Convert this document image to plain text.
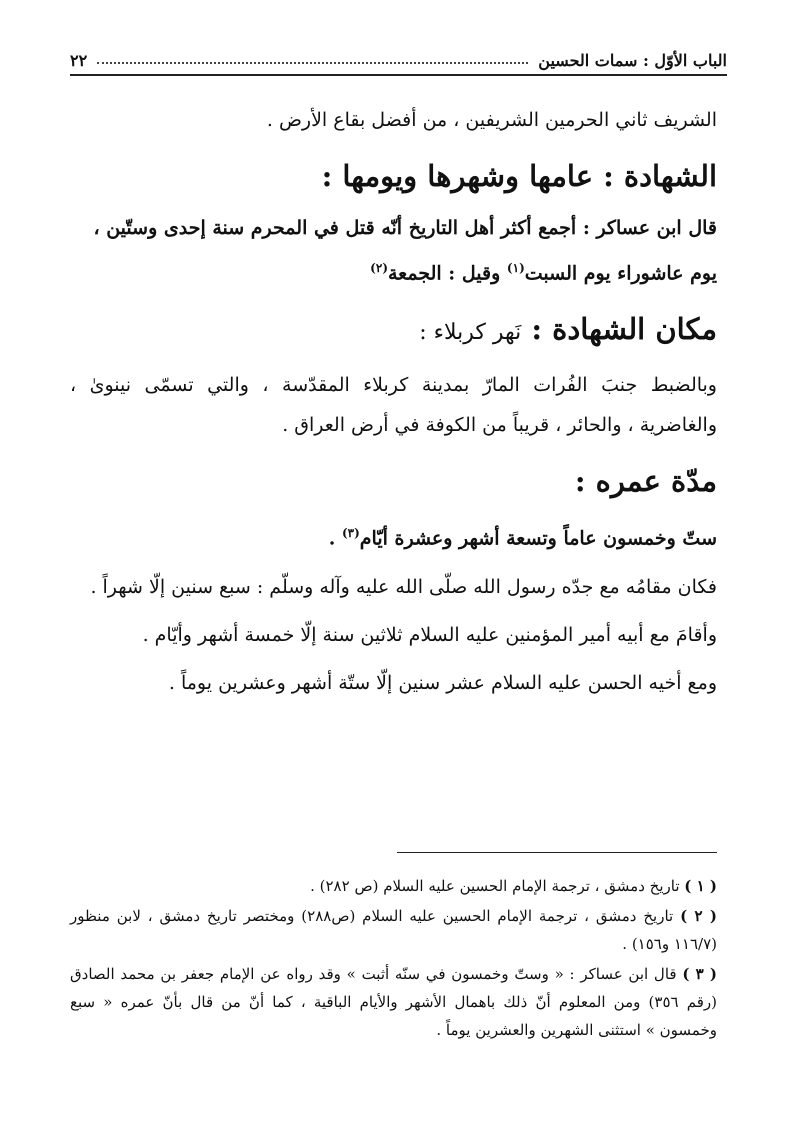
الباب الأوّل : سمات الحسين
٢٢

الشريف ثاني الحرمين الشريفين ، من أفضل بقاع الأرض .

الشهادة : عامها وشهرها ويومها :

قال ابن عساكر : أجمع أكثر أهل التاريخ أنّه قتل في المحرم سنة إحدى وستّين ،
يوم عاشوراء يوم السبت$^{(١)}$ وقيل : الجمعة$^{(٢)}$

مكان الشهادة : نَهر كربلاء :

وبالضبط جنبَ الفُرات المارّ بمدينة كربلاء المقدّسة ، والتي تسمّى نينوىٰ ، والغاضرية ، والحائر ، قريباً من الكوفة في أرض العراق .

مدّة عمره :

ستّ وخمسون عاماً وتسعة أشهر وعشرة أيّام$^{(٣)}$ .

فكان مقامُه مع جدّه رسول الله صلّى الله عليه وآله وسلّم : سبع سنين إلّا شهراً .

وأقامَ مع أبيه أمير المؤمنين عليه السلام ثلاثين سنة إلّا خمسة أشهر وأيّام .

ومع أخيه الحسن عليه السلام عشر سنين إلّا ستّة أشهر وعشرين يوماً .

( ١ ) تاريخ دمشق ، ترجمة الإمام الحسين عليه السلام (ص ٢٨٢) .

( ٢ ) تاريخ دمشق ، ترجمة الإمام الحسين عليه السلام (ص٢٨٨) ومختصر تاريخ دمشق ، لابن منظور (١١٦/٧ و١٥٦) .

( ٣ ) قال ابن عساكر : « وستّ وخمسون في سنّه أثبت » وقد رواه عن الإمام جعفر بن محمد الصادق (رقم ٣٥٦) ومن المعلوم أنّ ذلك باهمال الأشهر والأيام الباقية ، كما أنّ من قال بأنّ عمره « سبع وخمسون » استثنى الشهرين والعشرين يوماً .
